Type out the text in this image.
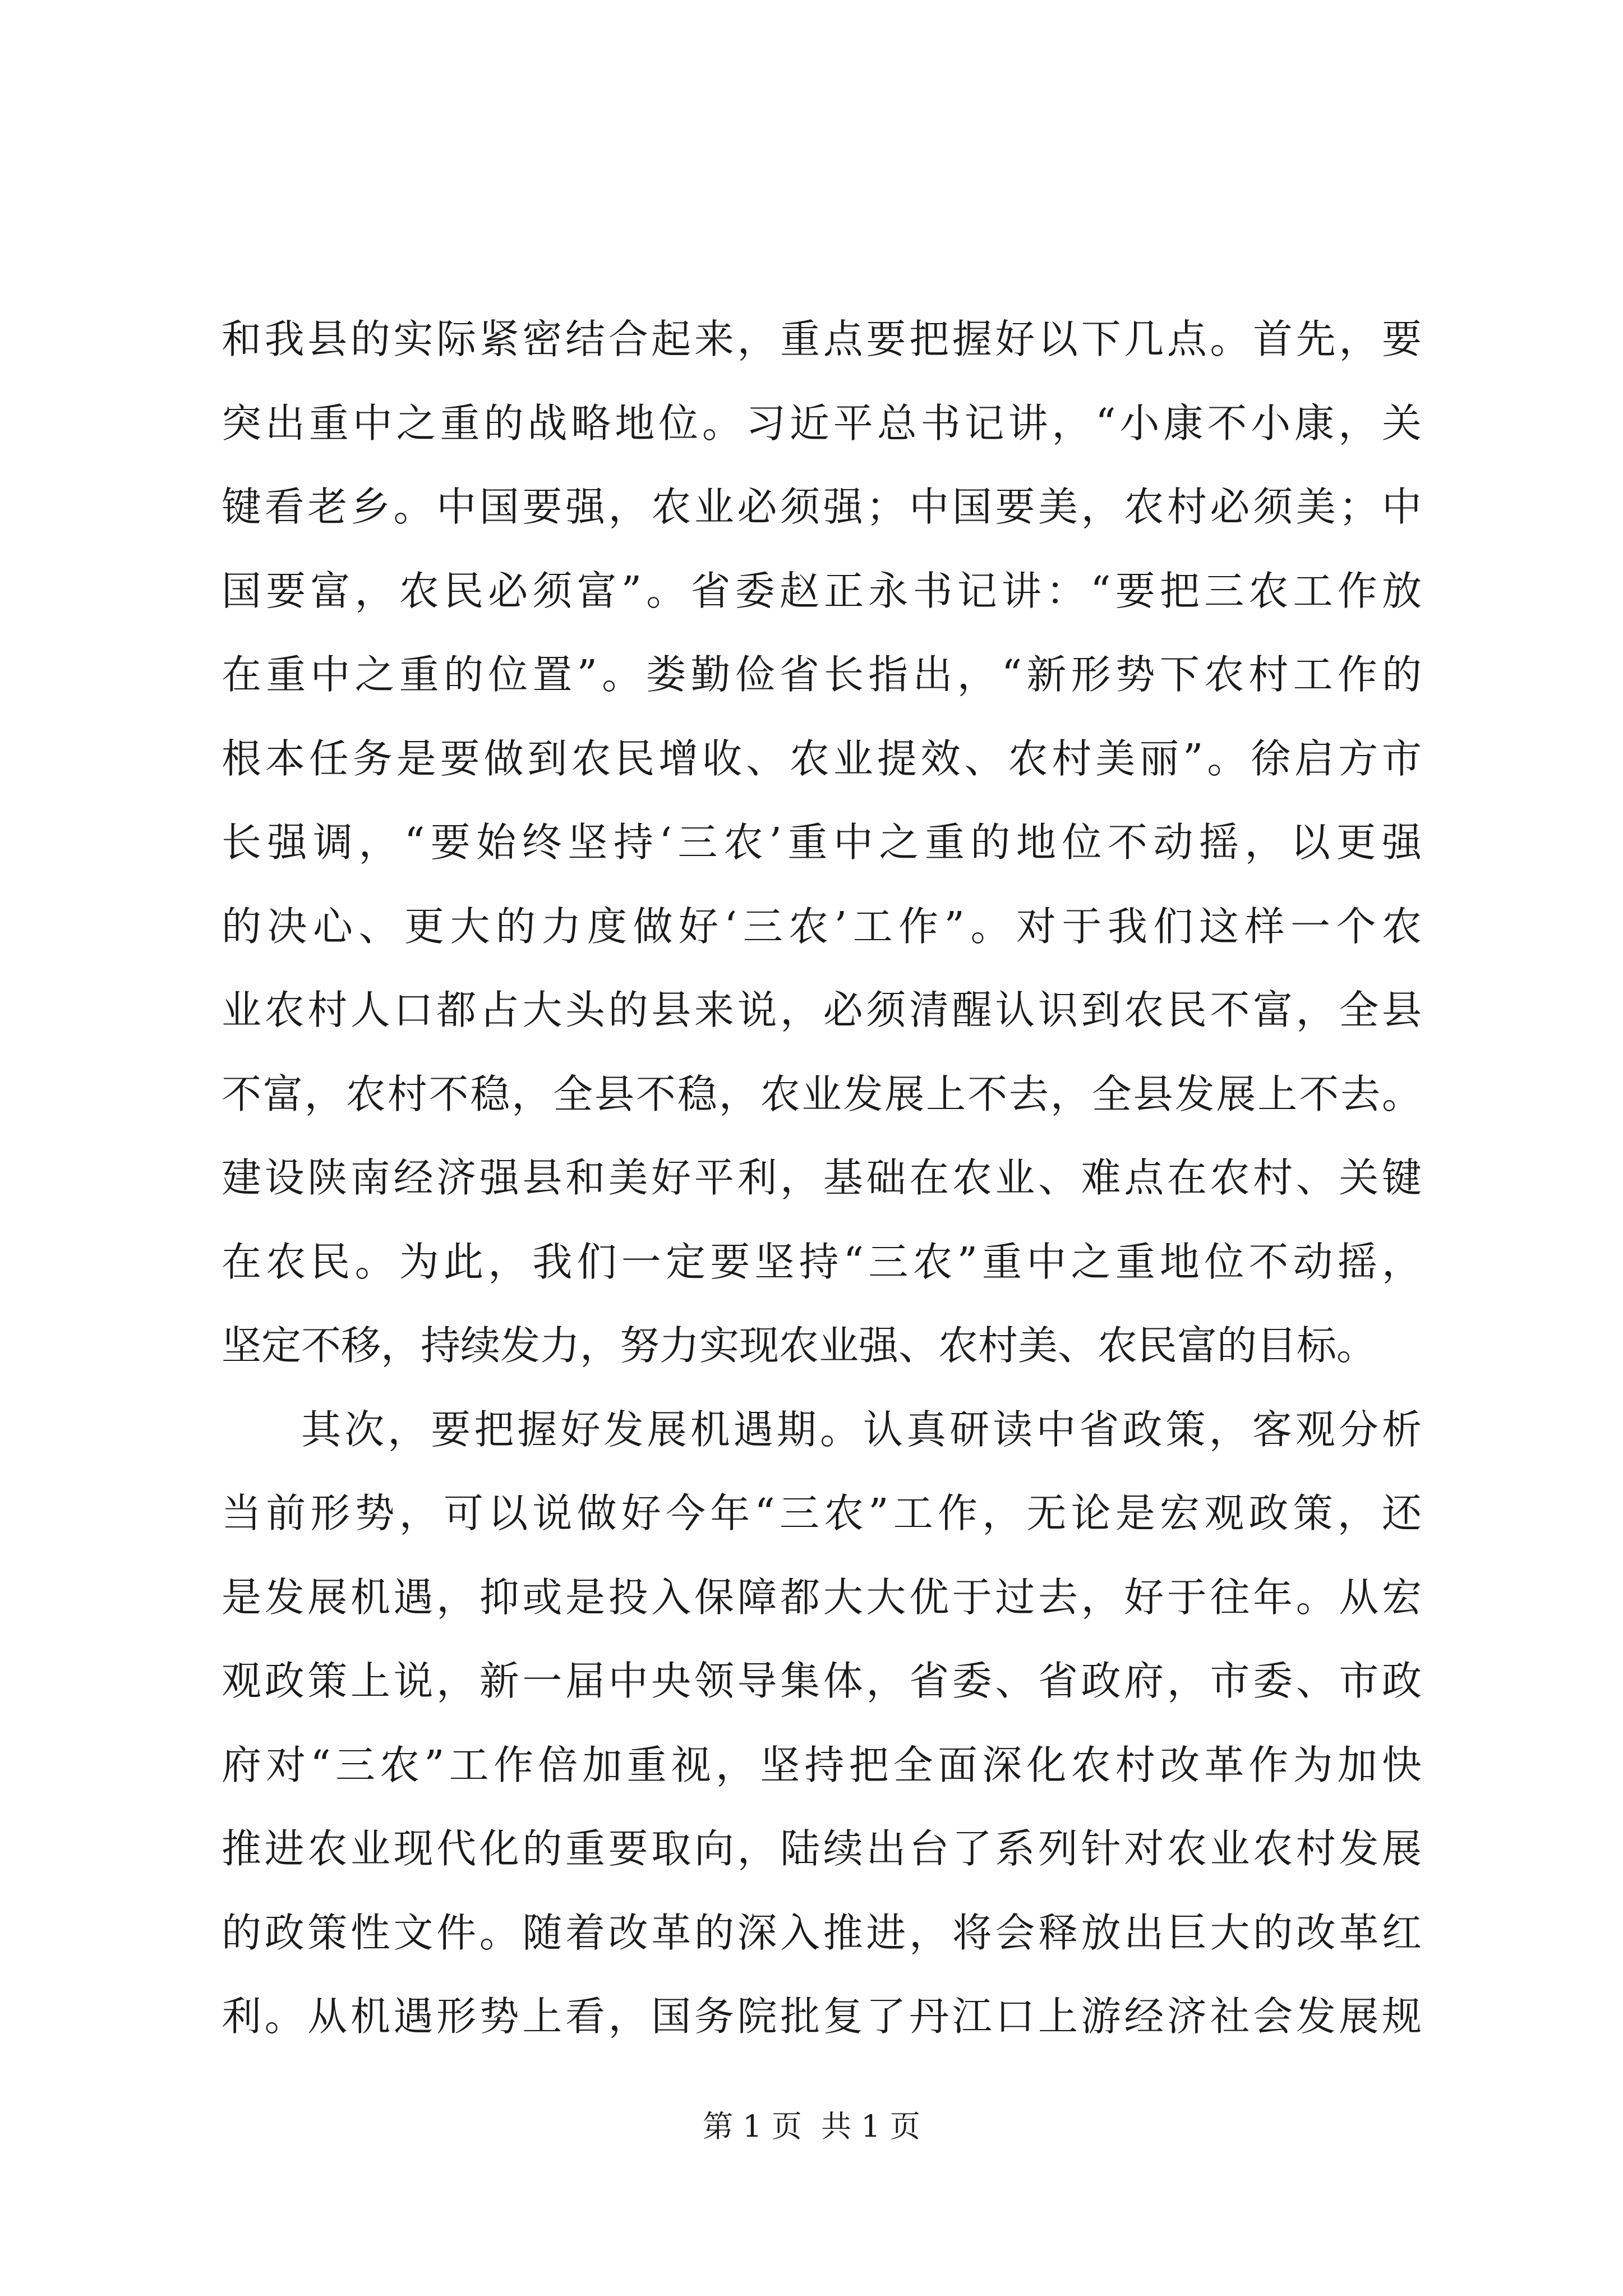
和我县的实际紧密结合起来，重点要把握好以下几点。首先，要
突出重中之重的战略地位。习近平总书记讲，“小康不小康，关
键看老乡。中国要强，农业必须强；中国要美，农村必须美；中
国要富，农民必须富”。省委赵正永书记讲：“要把三农工作放
在重中之重的位置”。娄勤俭省长指出，“新形势下农村工作的
根本任务是要做到农民增收、农业提效、农村美丽”。徐启方市
长强调，“要始终坚持‘三农’重中之重的地位不动摇，以更强
的决心、更大的力度做好‘三农’工作”。对于我们这样一个农
业农村人口都占大头的县来说，必须清醒认识到农民不富，全县
不富，农村不稳，全县不稳，农业发展上不去，全县发展上不去。
建设陕南经济强县和美好平利，基础在农业、难点在农村、关键
在农民。为此，我们一定要坚持“三农”重中之重地位不动摇，
坚定不移，持续发力，努力实现农业强、农村美、农民富的目标。
其次，要把握好发展机遇期。认真研读中省政策，客观分析
当前形势，可以说做好今年“三农”工作，无论是宏观政策，还
是发展机遇，抑或是投入保障都大大优于过去，好于往年。从宏
观政策上说，新一届中央领导集体，省委、省政府，市委、市政
府对“三农”工作倍加重视，坚持把全面深化农村改革作为加快
推进农业现代化的重要取向，陆续出台了系列针对农业农村发展
的政策性文件。随着改革的深入推进，将会释放出巨大的改革红
利。从机遇形势上看，国务院批复了丹江口上游经济社会发展规
第 1 页  共 1 页
